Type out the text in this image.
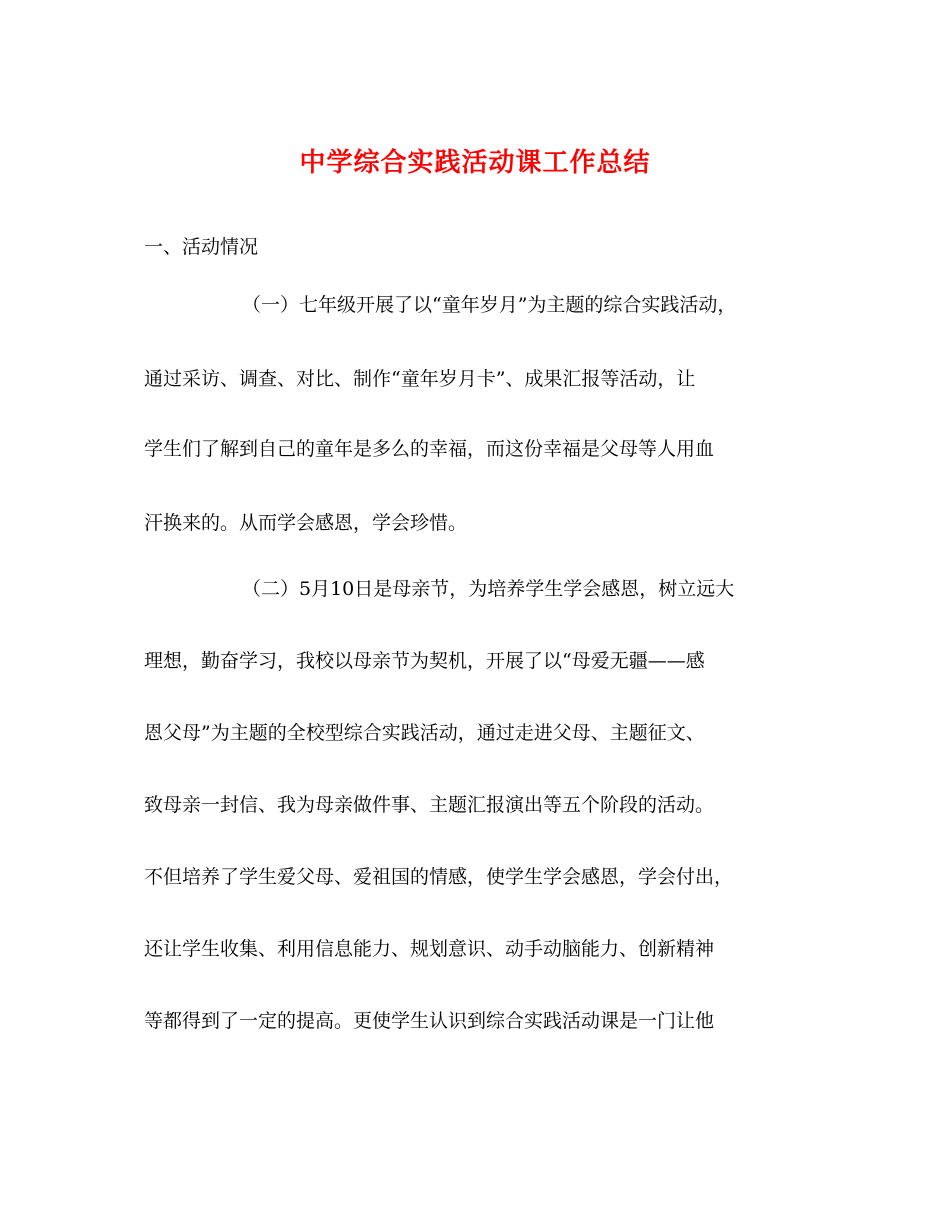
中学综合实践活动课工作总结
一、活动情况
（一）七年级开展了以“童年岁月”为主题的综合实践活动，
通过采访、调查、对比、制作“童年岁月卡”、成果汇报等活动，让
学生们了解到自己的童年是多么的幸福，而这份幸福是父母等人用血
汗换来的。从而学会感恩，学会珍惜。
（二）5月10日是母亲节，为培养学生学会感恩，树立远大
理想，勤奋学习，我校以母亲节为契机，开展了以“母爱无疆——感
恩父母”为主题的全校型综合实践活动，通过走进父母、主题征文、
致母亲一封信、我为母亲做件事、主题汇报演出等五个阶段的活动。
不但培养了学生爱父母、爱祖国的情感，使学生学会感恩，学会付出，
还让学生收集、利用信息能力、规划意识、动手动脑能力、创新精神
等都得到了一定的提高。更使学生认识到综合实践活动课是一门让他
